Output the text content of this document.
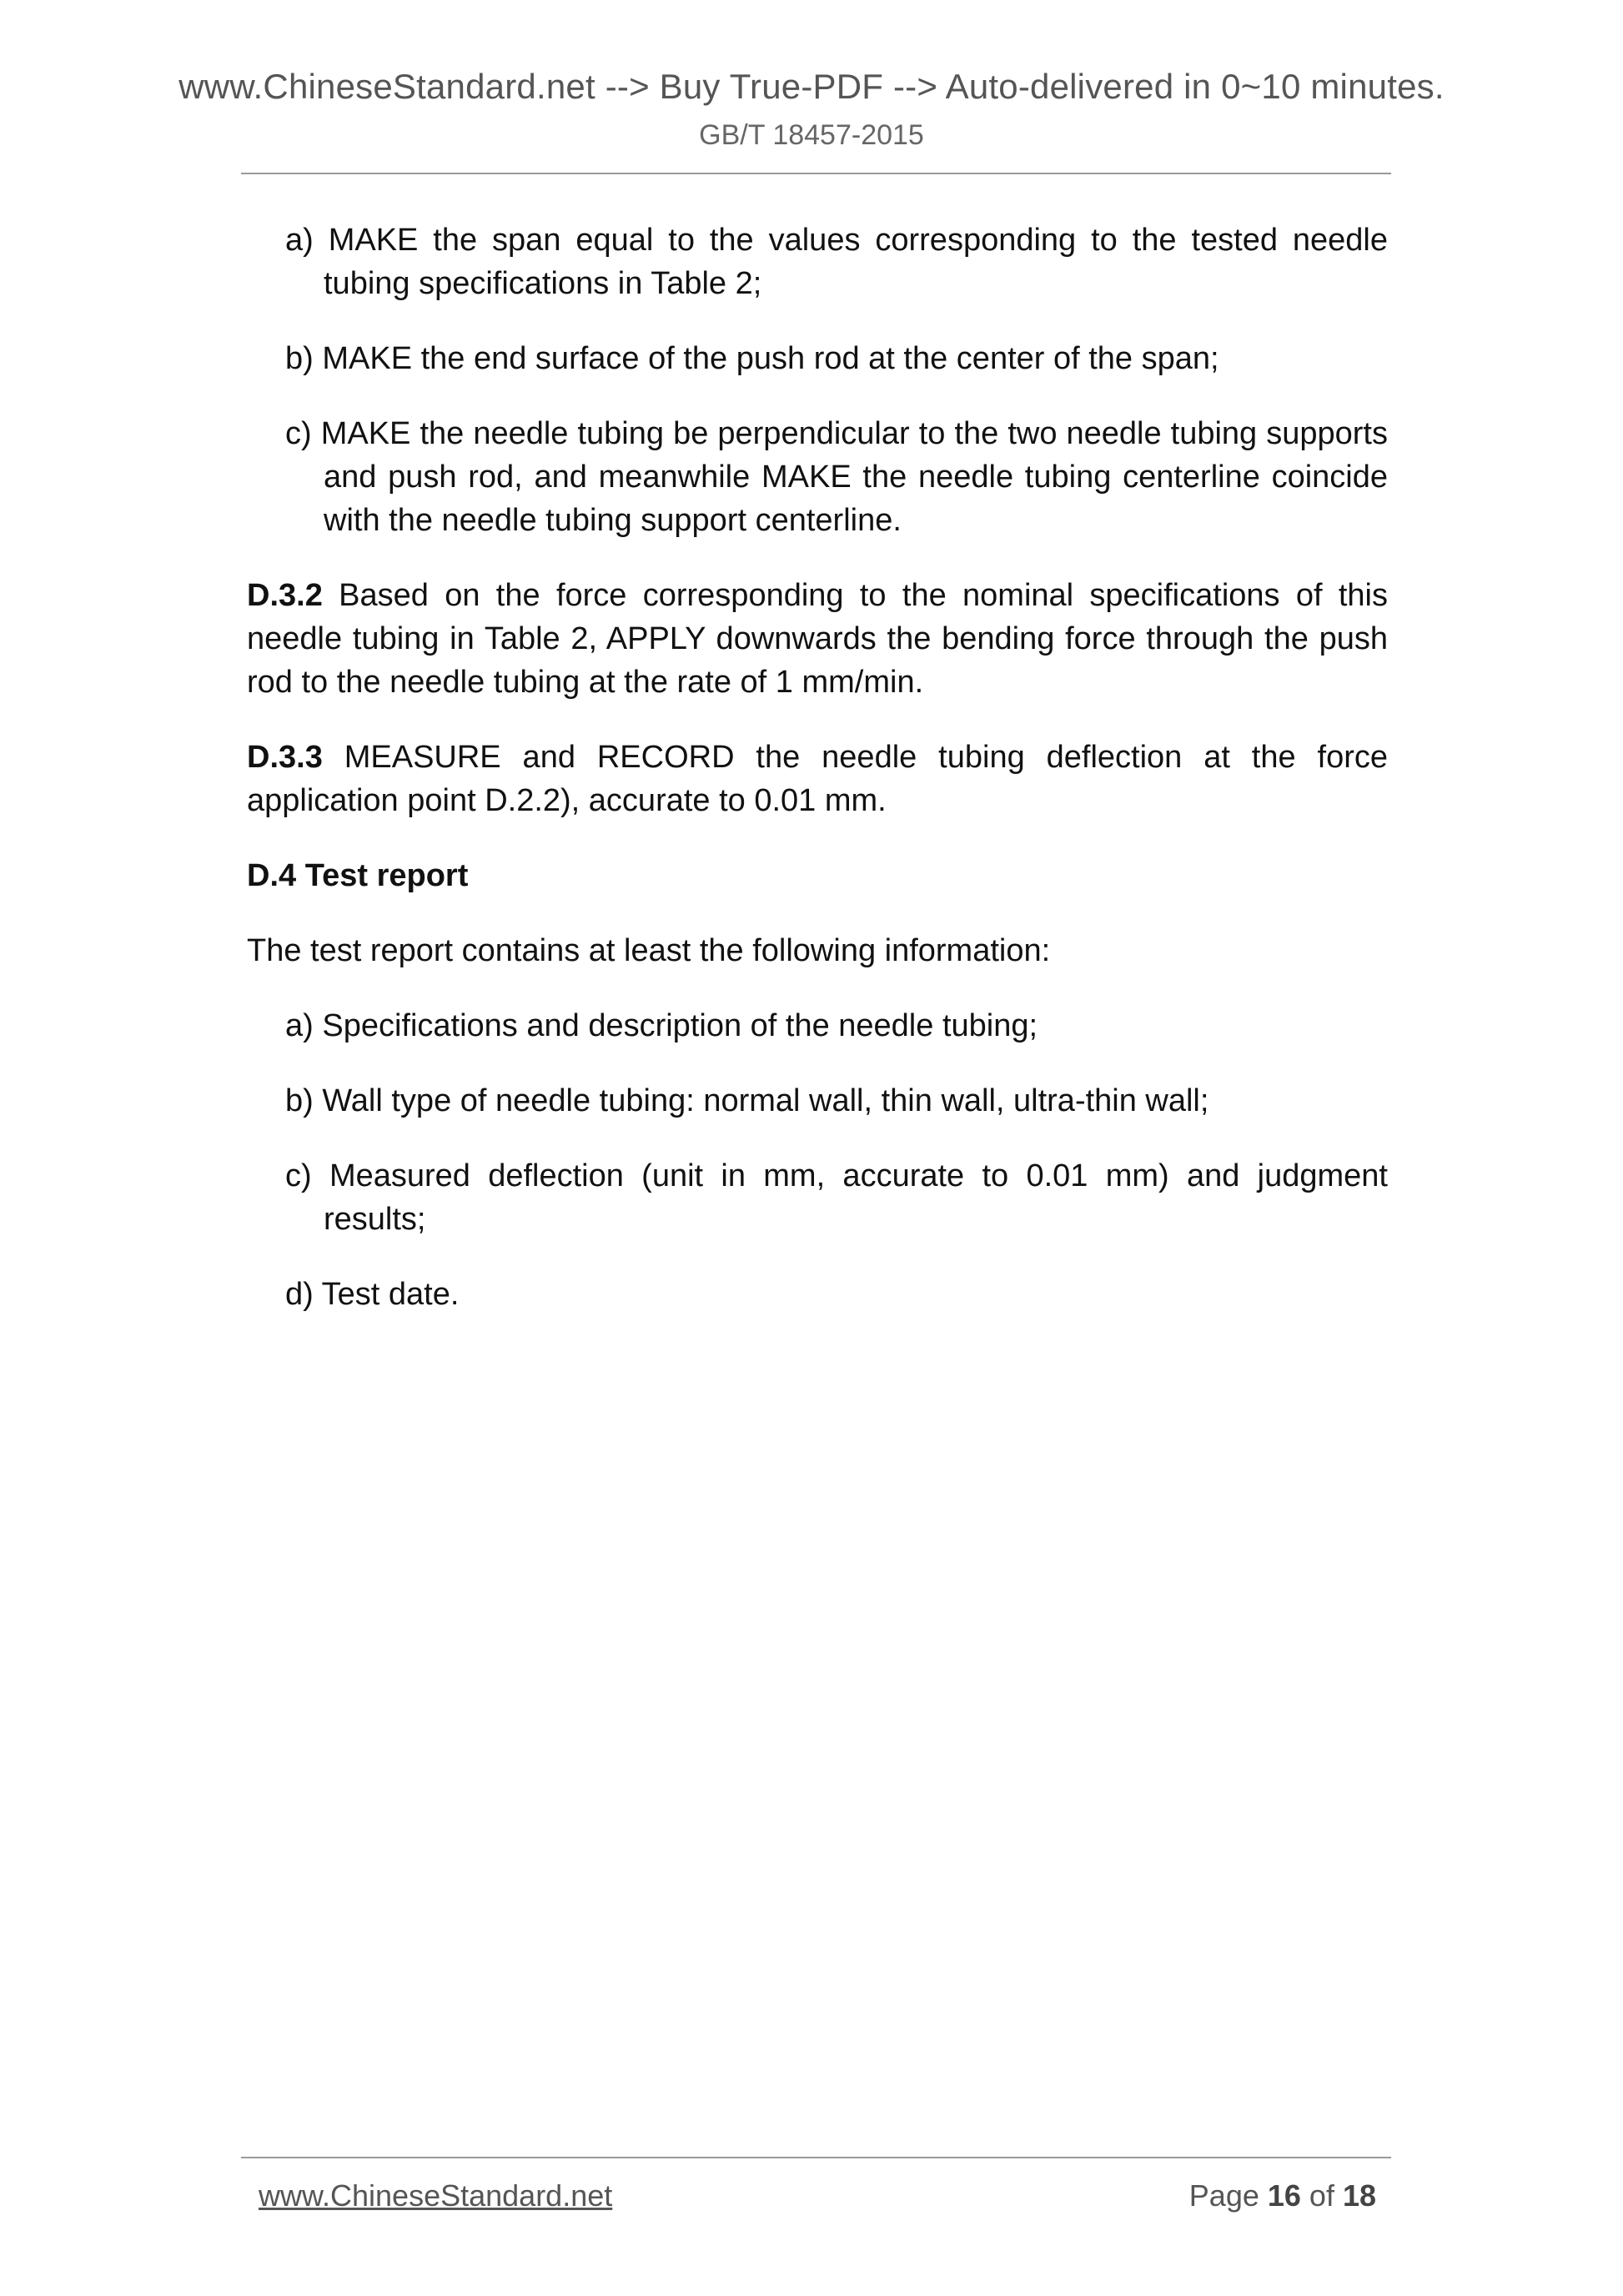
www.ChineseStandard.net --> Buy True-PDF --> Auto-delivered in 0~10 minutes.
GB/T 18457-2015

a) MAKE the span equal to the values corresponding to the tested needle tubing specifications in Table 2;

b) MAKE the end surface of the push rod at the center of the span;

c) MAKE the needle tubing be perpendicular to the two needle tubing supports and push rod, and meanwhile MAKE the needle tubing centerline coincide with the needle tubing support centerline.

D.3.2 Based on the force corresponding to the nominal specifications of this needle tubing in Table 2, APPLY downwards the bending force through the push rod to the needle tubing at the rate of 1 mm/min.

D.3.3 MEASURE and RECORD the needle tubing deflection at the force application point D.2.2), accurate to 0.01 mm.

D.4 Test report

The test report contains at least the following information:

a) Specifications and description of the needle tubing;

b) Wall type of needle tubing: normal wall, thin wall, ultra-thin wall;

c) Measured deflection (unit in mm, accurate to 0.01 mm) and judgment results;

d) Test date.

www.ChineseStandard.net	Page 16 of 18
